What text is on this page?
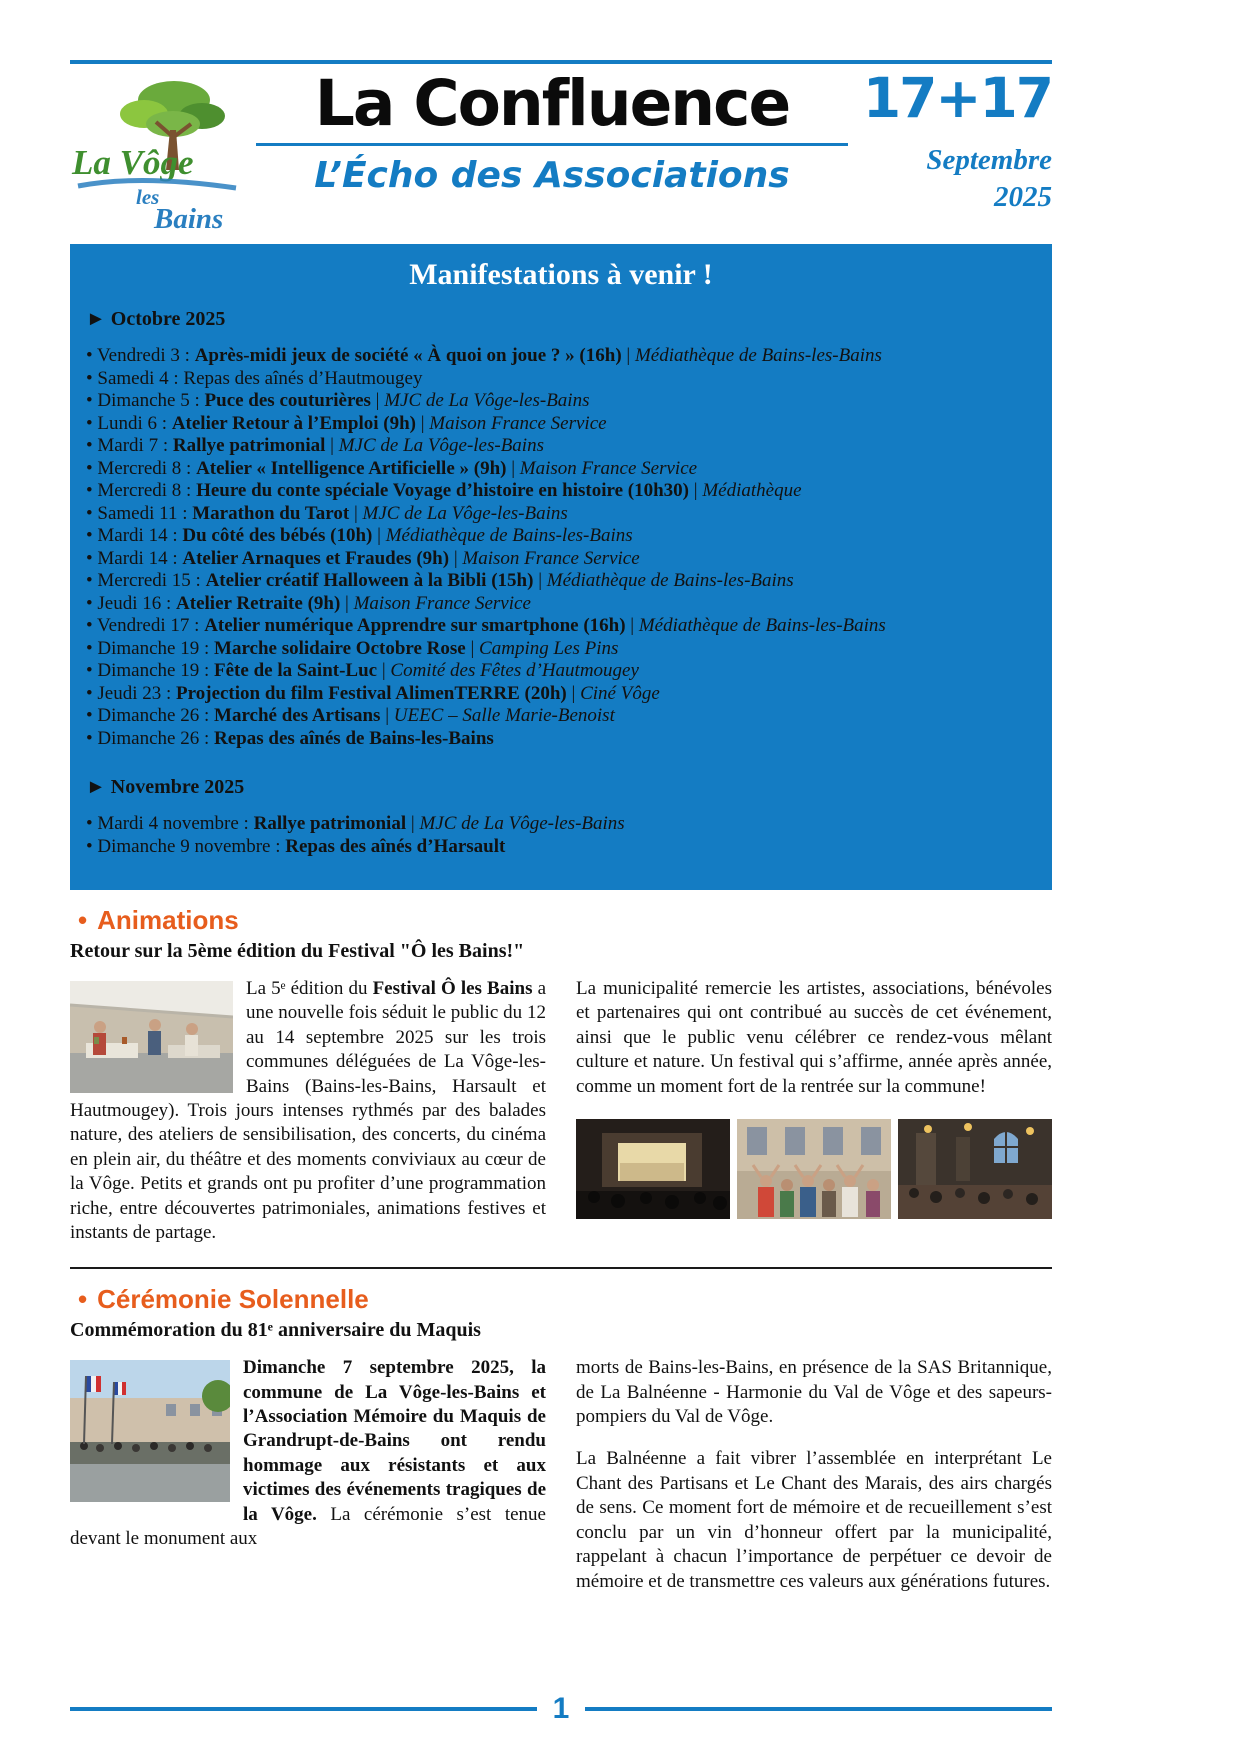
La Vôge
les
Bains
La Confluence
L’Écho des Associations
17+17
Septembre
2025
Manifestations à venir !
► Octobre 2025
• Vendredi 3 : Après-midi jeux de société « À quoi on joue ? » (16h) | Médiathèque de Bains-les-Bains
• Samedi 4 : Repas des aînés d’Hautmougey
• Dimanche 5 : Puce des couturières | MJC de La Vôge-les-Bains
• Lundi 6 : Atelier Retour à l’Emploi (9h) | Maison France Service
• Mardi 7 : Rallye patrimonial | MJC de La Vôge-les-Bains
• Mercredi 8 : Atelier « Intelligence Artificielle » (9h) | Maison France Service
• Mercredi 8 : Heure du conte spéciale Voyage d’histoire en histoire (10h30) | Médiathèque
• Samedi 11 : Marathon du Tarot | MJC de La Vôge-les-Bains
• Mardi 14 : Du côté des bébés (10h) | Médiathèque de Bains-les-Bains
• Mardi 14 : Atelier Arnaques et Fraudes (9h) | Maison France Service
• Mercredi 15 : Atelier créatif Halloween à la Bibli (15h) | Médiathèque de Bains-les-Bains
• Jeudi 16 : Atelier Retraite (9h) | Maison France Service
• Vendredi 17 : Atelier numérique Apprendre sur smartphone (16h) | Médiathèque de Bains-les-Bains
• Dimanche 19 : Marche solidaire Octobre Rose | Camping Les Pins
• Dimanche 19 : Fête de la Saint-Luc | Comité des Fêtes d’Hautmougey
• Jeudi 23 : Projection du film Festival AlimenTERRE (20h) | Ciné Vôge
• Dimanche 26 : Marché des Artisans | UEEC – Salle Marie-Benoist
• Dimanche 26 : Repas des aînés de Bains-les-Bains
► Novembre 2025
• Mardi 4 novembre : Rallye patrimonial | MJC de La Vôge-les-Bains
• Dimanche 9 novembre : Repas des aînés d’Harsault
• Animations
Retour sur la 5ème édition du Festival "Ô les Bains!"

La 5ᵉ édition du Festival Ô les Bains a une nouvelle fois séduit le public du 12 au 14 septembre 2025 sur les trois communes déléguées de La Vôge-les-Bains (Bains-les-Bains, Harsault et Hautmougey). Trois jours intenses rythmés par des balades nature, des ateliers de sensibilisation, des concerts, du cinéma en plein air, du théâtre et des moments conviviaux au cœur de la Vôge. Petits et grands ont pu profiter d’une programmation riche, entre découvertes patrimoniales, animations festives et instants de partage.

La municipalité remercie les artistes, associations, bénévoles et partenaires qui ont contribué au succès de cet événement, ainsi que le public venu célébrer ce rendez-vous mêlant culture et nature. Un festival qui s’affirme, année après année, comme un moment fort de la rentrée sur la commune!

• Cérémonie Solennelle
Commémoration du 81ᵉ anniversaire du Maquis

Dimanche 7 septembre 2025, la commune de La Vôge-les-Bains et l’Association Mémoire du Maquis de Grandrupt-de-Bains ont rendu hommage aux résistants et aux victimes des événements tragiques de la Vôge. La cérémonie s’est tenue devant le monument aux

morts de Bains-les-Bains, en présence de la SAS Britannique, de La Balnéenne - Harmonie du Val de Vôge et des sapeurs-pompiers du Val de Vôge.

La Balnéenne a fait vibrer l’assemblée en interprétant Le Chant des Partisans et Le Chant des Marais, des airs chargés de sens. Ce moment fort de mémoire et de recueillement s’est conclu par un vin d’honneur offert par la municipalité, rappelant à chacun l’importance de perpétuer ce devoir de mémoire et de transmettre ces valeurs aux générations futures.

1
